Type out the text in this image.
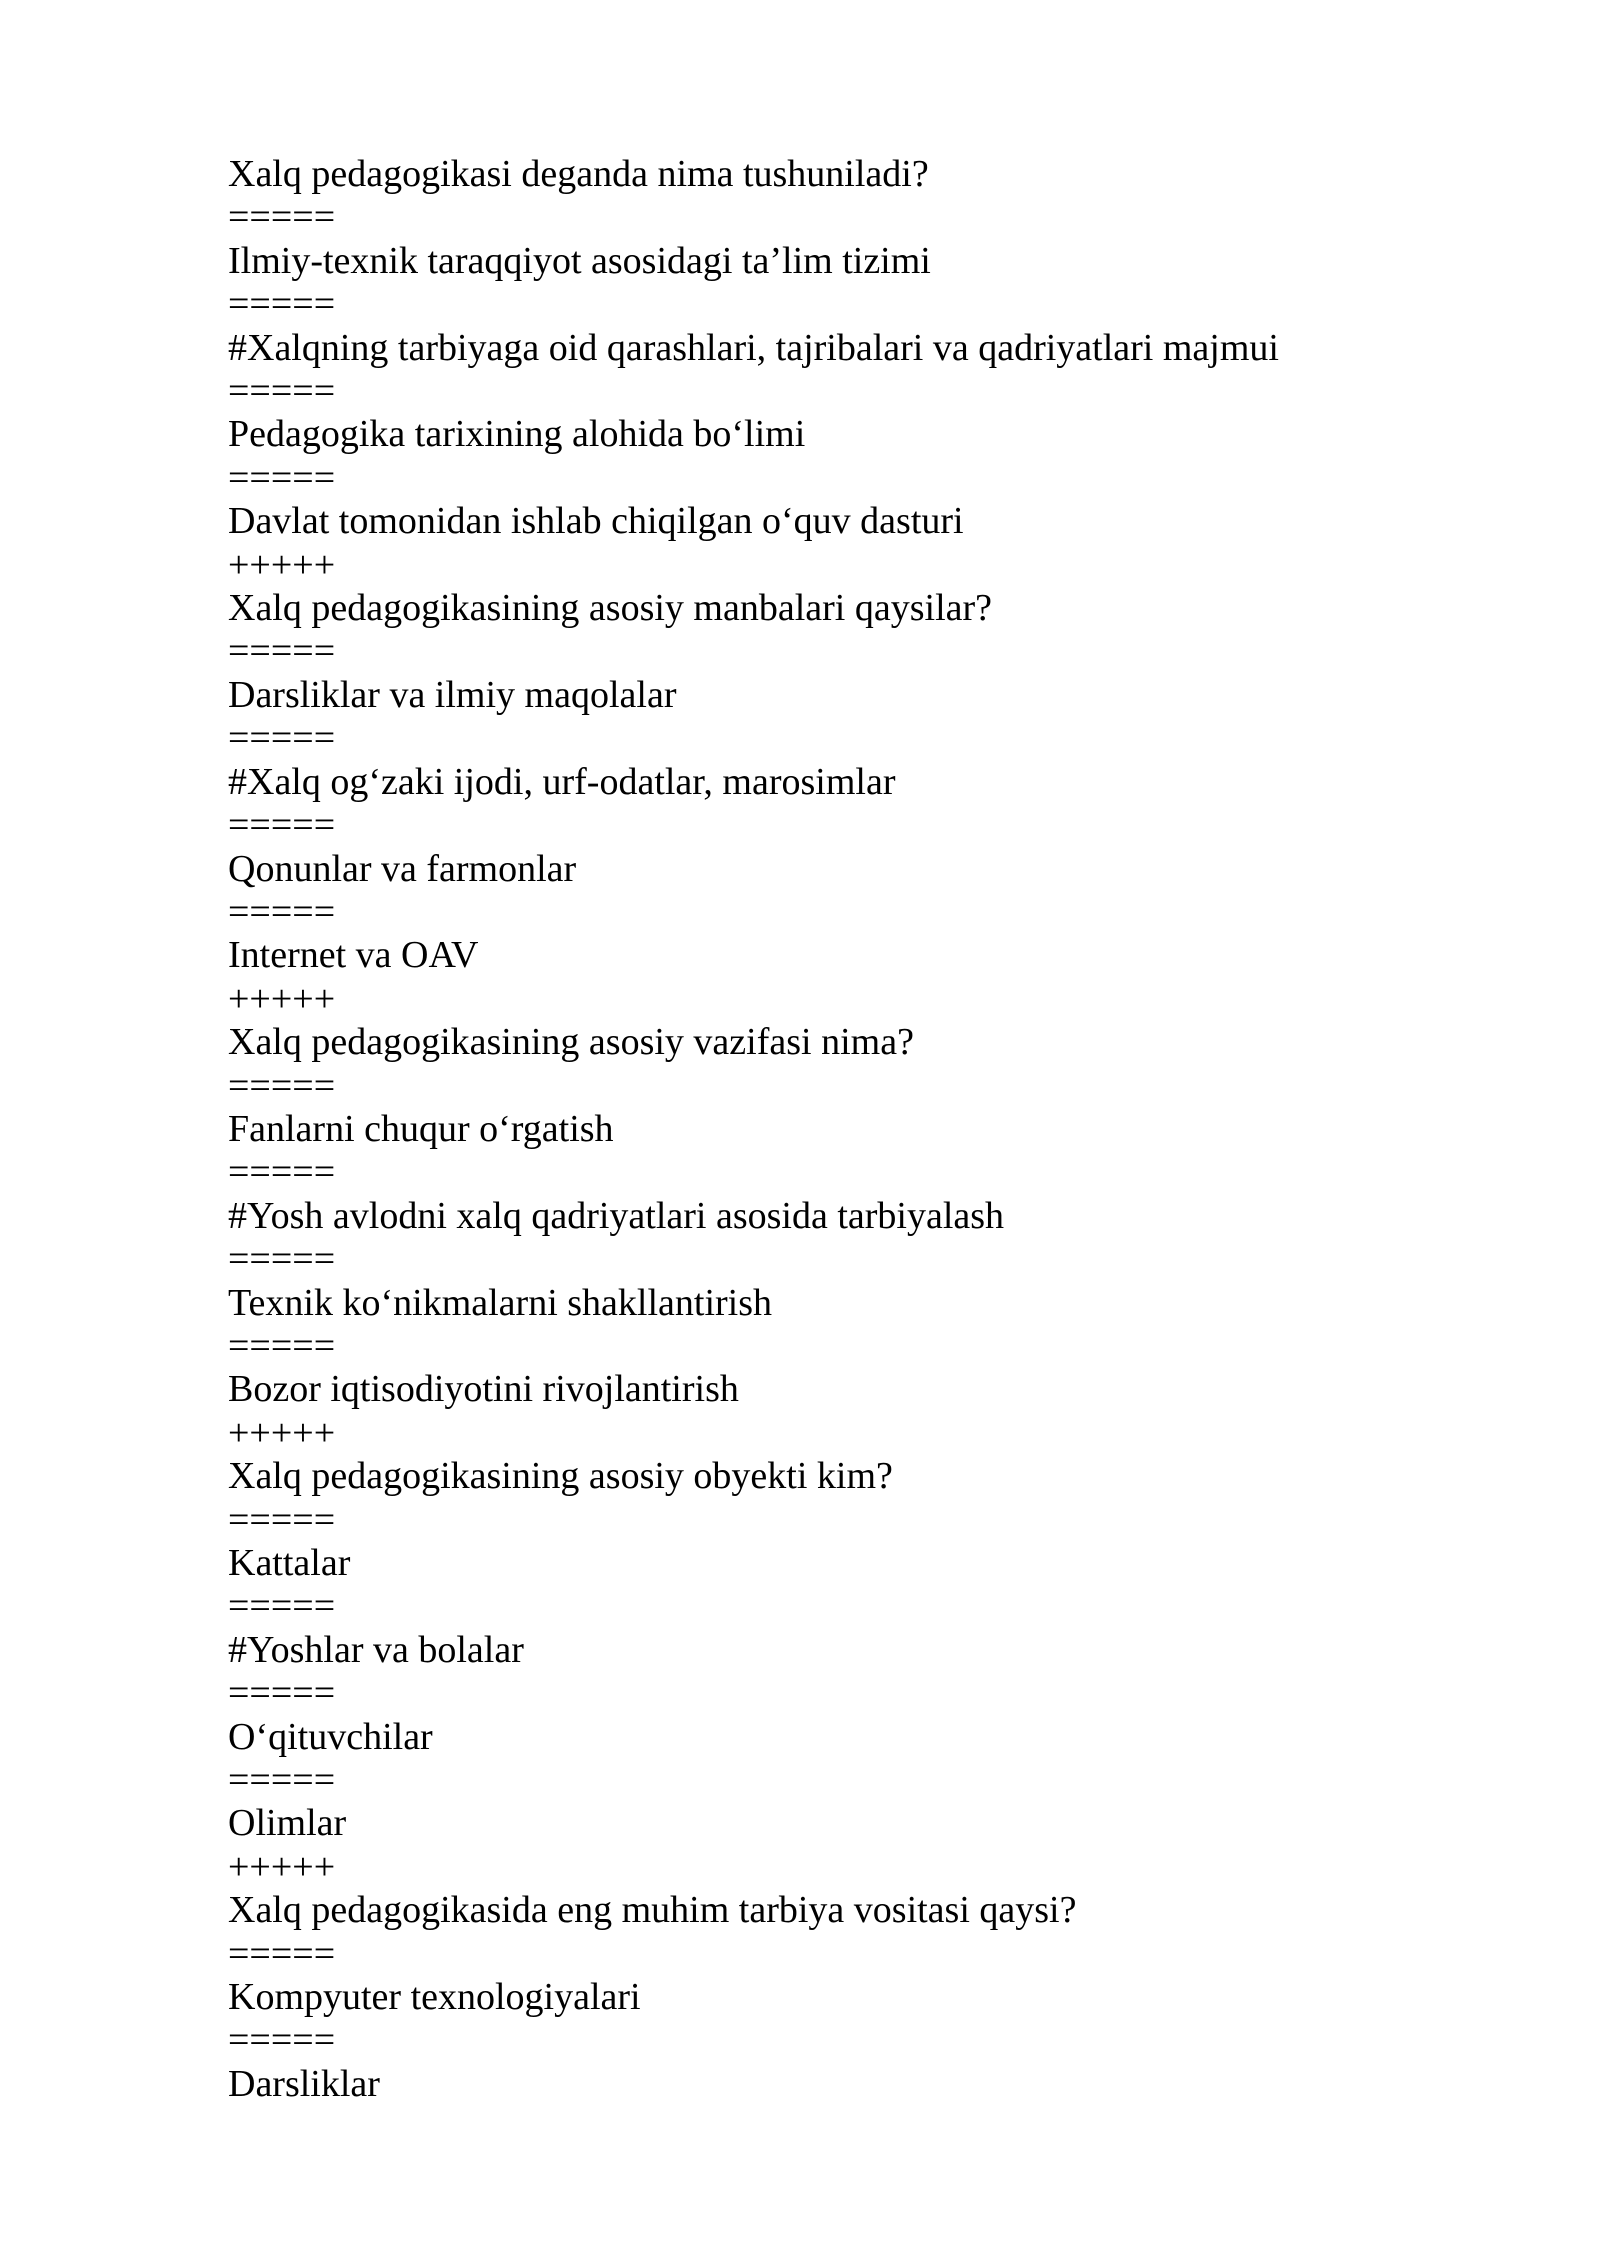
Xalq pedagogikasi deganda nima tushuniladi?

=====

Ilmiy-texnik taraqqiyot asosidagi ta’lim tizimi

=====

#Xalqning tarbiyaga oid qarashlari, tajribalari va qadriyatlari majmui

=====

Pedagogika tarixining alohida bo‘limi

=====

Davlat tomonidan ishlab chiqilgan o‘quv dasturi

+++++

Xalq pedagogikasining asosiy manbalari qaysilar?

=====

Darsliklar va ilmiy maqolalar

=====

#Xalq og‘zaki ijodi, urf-odatlar, marosimlar

=====

Qonunlar va farmonlar

=====

Internet va OAV

+++++

Xalq pedagogikasining asosiy vazifasi nima?

=====

Fanlarni chuqur o‘rgatish

=====

#Yosh avlodni xalq qadriyatlari asosida tarbiyalash

=====

Texnik ko‘nikmalarni shakllantirish

=====

Bozor iqtisodiyotini rivojlantirish

+++++

Xalq pedagogikasining asosiy obyekti kim?

=====

Kattalar

=====

#Yoshlar va bolalar

=====

O‘qituvchilar

=====

Olimlar

+++++

Xalq pedagogikasida eng muhim tarbiya vositasi qaysi?

=====

Kompyuter texnologiyalari

=====

Darsliklar
